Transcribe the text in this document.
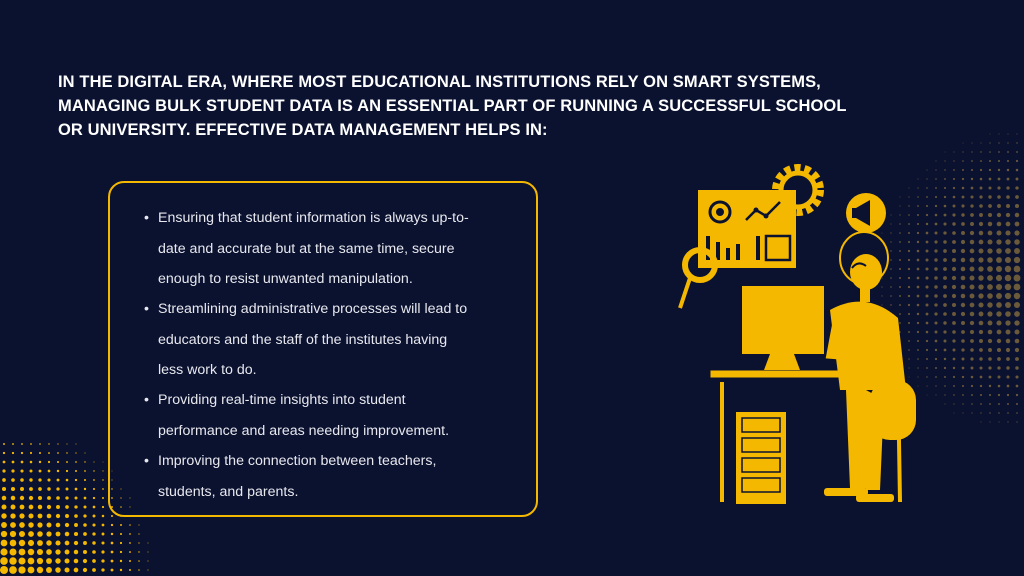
IN THE DIGITAL ERA, WHERE MOST EDUCATIONAL INSTITUTIONS RELY ON SMART SYSTEMS,

MANAGING BULK STUDENT DATA IS AN ESSENTIAL PART OF RUNNING A SUCCESSFUL SCHOOL

OR UNIVERSITY. EFFECTIVE DATA MANAGEMENT HELPS IN:

• Ensuring that student information is always up-to-
date and accurate but at the same time, secure
enough to resist unwanted manipulation.
• Streamlining administrative processes will lead to
educators and the staff of the institutes having
less work to do.
• Providing real-time insights into student
performance and areas needing improvement.
• Improving the connection between teachers,
students, and parents.
